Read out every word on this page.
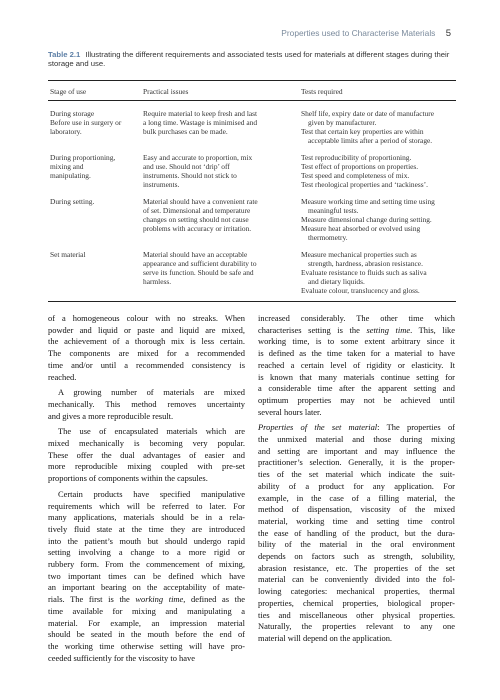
Properties used to Characterise Materials 5
Table 2.1 Illustrating the different requirements and associated tests used for materials at different stages during their
storage and use.
Stage of use	Practical issues	Tests required

During storage
Before use in surgery or
laboratory.	Require material to keep fresh and last
a long time. Wastage is minimised and
bulk purchases can be made.	Shelf life, expiry date or date of manufacture
given by manufacturer.
Test that certain key properties are within
acceptable limits after a period of storage.

During proportioning,
mixing and
manipulating.	Easy and accurate to proportion, mix
and use. Should not ‘drip’ off
instruments. Should not stick to
instruments.	Test reproducibility of proportioning.
Test effect of proportions on properties.
Test speed and completeness of mix.
Test rheological properties and ‘tackiness’.

During setting.	Material should have a convenient rate
of set. Dimensional and temperature
changes on setting should not cause
problems with accuracy or irritation.	Measure working time and setting time using
meaningful tests.
Measure dimensional change during setting.
Measure heat absorbed or evolved using
thermometry.

Set material	Material should have an acceptable
appearance and sufficient durability to
serve its function. Should be safe and
harmless.	Measure mechanical properties such as
strength, hardness, abrasion resistance.
Evaluate resistance to fluids such as saliva
and dietary liquids.
Evaluate colour, translucency and gloss.

of a homogeneous colour with no streaks. When
powder and liquid or paste and liquid are mixed,
the achievement of a thorough mix is less certain.
The components are mixed for a recommended
time and/or until a recommended consistency is
reached.

A growing number of materials are mixed
mechanically. This method removes uncertainty
and gives a more reproducible result.

The use of encapsulated materials which are
mixed mechanically is becoming very popular.
These offer the dual advantages of easier and
more reproducible mixing coupled with pre-set
proportions of components within the capsules.

Certain products have specified manipulative
requirements which will be referred to later. For
many applications, materials should be in a rela-
tively fluid state at the time they are introduced
into the patient’s mouth but should undergo rapid
setting involving a change to a more rigid or
rubbery form. From the commencement of mixing,
two important times can be defined which have
an important bearing on the acceptability of mate-
rials. The first is the working time, defined as the
time available for mixing and manipulating a
material. For example, an impression material
should be seated in the mouth before the end of
the working time otherwise setting will have pro-
ceeded sufficiently for the viscosity to have

increased considerably. The other time which
characterises setting is the setting time. This, like
working time, is to some extent arbitrary since it
is defined as the time taken for a material to have
reached a certain level of rigidity or elasticity. It
is known that many materials continue setting for
a considerable time after the apparent setting and
optimum properties may not be achieved until
several hours later.

Properties of the set material: The properties of
the unmixed material and those during mixing
and setting are important and may influence the
practitioner’s selection. Generally, it is the proper-
ties of the set material which indicate the suit-
ability of a product for any application. For
example, in the case of a filling material, the
method of dispensation, viscosity of the mixed
material, working time and setting time control
the ease of handling of the product, but the dura-
bility of the material in the oral environment
depends on factors such as strength, solubility,
abrasion resistance, etc. The properties of the set
material can be conveniently divided into the fol-
lowing categories: mechanical properties, thermal
properties, chemical properties, biological proper-
ties and miscellaneous other physical properties.
Naturally, the properties relevant to any one
material will depend on the application.
